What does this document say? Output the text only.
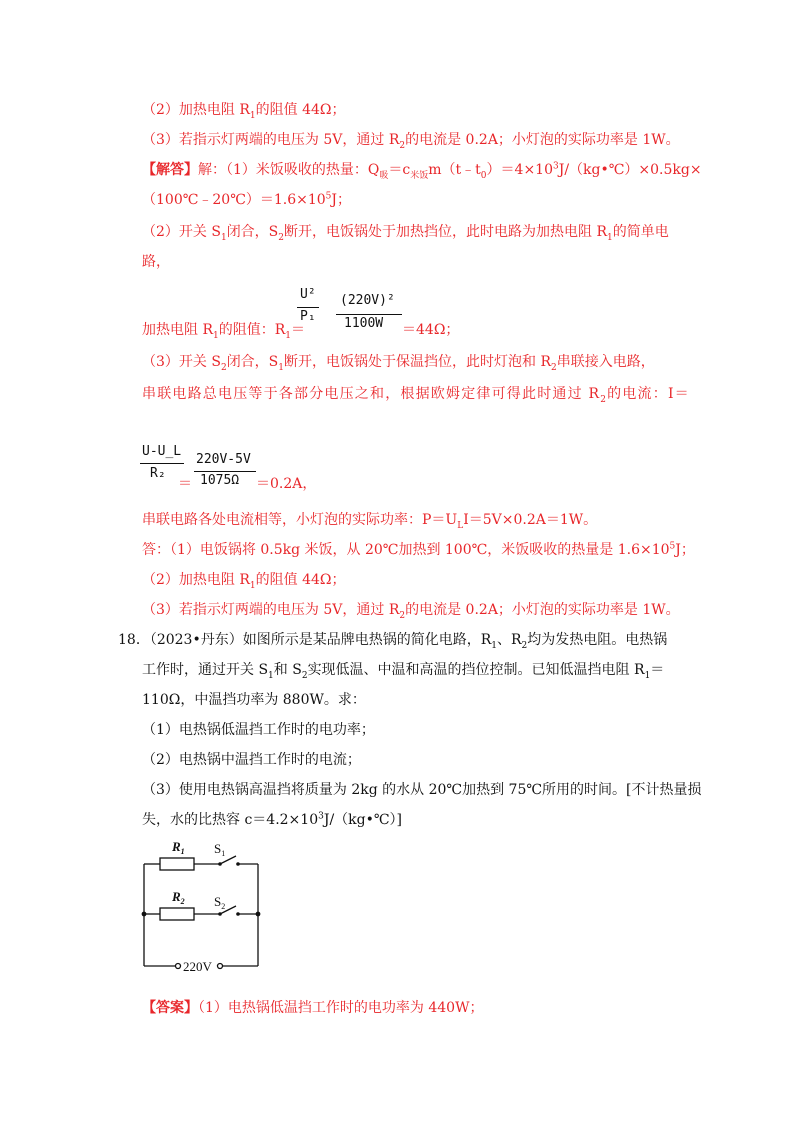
（2）加热电阻 $R_1$的阻值 44Ω；
（3）若指示灯两端的电压为 5V，通过 $R_2$的电流是 0.2A；小灯泡的实际功率是 1W。
【解答】解：（1）米饭吸收的热量：$Q_吸=c_{米饭}m(t﹣t_0)=4\times 10^3J/(kg•℃)\times 0.5kg\times$
$(100℃﹣20℃)=1.6\times 10^5J$；
（2）开关 $S_1$闭合，$S_2$断开，电饭锅处于加热挡位，此时电路为加热电阻 $R_1$的简单电
路，
U²
P₁
(220V)²
1100W
加热电阻 $R_1$的阻值：$R_1=$	＝44Ω；
（3）开关 $S_2$闭合，$S_1$断开，电饭锅处于保温挡位，此时灯泡和 $R_2$串联接入电路，
串联电路总电压等于各部分电压之和，根据欧姆定律可得此时通过 $R_2$的电流：I＝
U-U_L
R₂
＝
220V-5V
1075Ω ＝0.2A，
串联电路各处电流相等，小灯泡的实际功率：$P=U_LI=5V\times 0.2A=1W$。
答：（1）电饭锅将 0.5kg 米饭，从 20℃加热到 100℃，米饭吸收的热量是 $1.6\times 10^5J$；
（2）加热电阻 $R_1$的阻值 44Ω；
（3）若指示灯两端的电压为 5V，通过 $R_2$的电流是 0.2A；小灯泡的实际功率是 1W。
18．（2023•丹东）如图所示是某品牌电热锅的简化电路，$R_1$、$R_2$均为发热电阻。电热锅
工作时，通过开关 $S_1$和 $S_2$实现低温、中温和高温的挡位控制。已知低温挡电阻 $R_1=$
110Ω，中温挡功率为 880W。求：
（1）电热锅低温挡工作时的电功率；
（2）电热锅中温挡工作时的电流；
（3）使用电热锅高温挡将质量为 2kg 的水从 20℃加热到 75℃所用的时间。[不计热量损
失，水的比热容 $c=4.2\times 10^3J/(kg•℃)$]
$R_1$ $S_1$
$R_2$ $S_2$
220V
【答案】（1）电热锅低温挡工作时的电功率为 440W；
